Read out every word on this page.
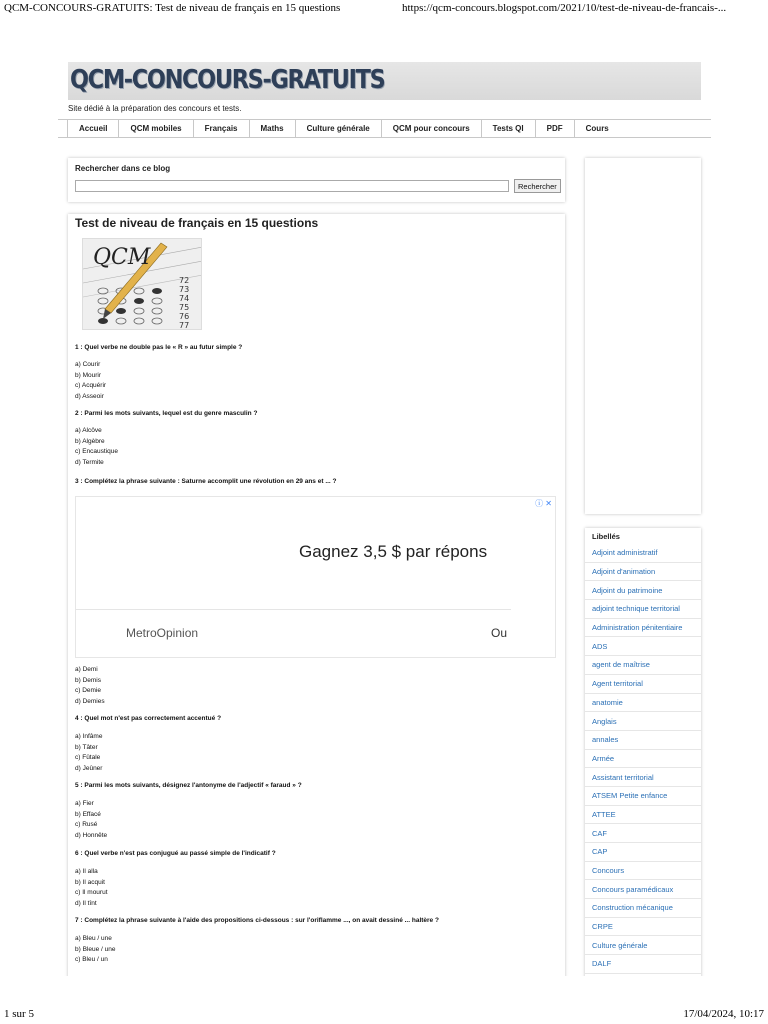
QCM-CONCOURS-GRATUITS: Test de niveau de français en 15 questions	https://qcm-concours.blogspot.com/2021/10/test-de-niveau-de-francais-...
QCM-CONCOURS-GRATUITS
Site dédié à la préparation des concours et tests.
Accueil	QCM mobiles	Français	Maths	Culture générale	QCM pour concours	Tests QI	PDF	Cours
Rechercher dans ce blog
Rechercher
Test de niveau de français en 15 questions
72
73
74
75
76
77
QCM
1 : Quel verbe ne double pas le « R » au futur simple ?
a) Courir
b) Mourir
c) Acquérir
d) Asseoir
2 : Parmi les mots suivants, lequel est du genre masculin ?
a) Alcôve
b) Algèbre
c) Encaustique
d) Termite
3 : Complétez la phrase suivante : Saturne accomplit une révolution en 29 ans et ... ?
Gagnez 3,5 $ par répons
MetroOpinion	Ou
ⓘ ✕
a) Demi
b) Demis
c) Demie
d) Demies
4 : Quel mot n'est pas correctement accentué ?
a) Infâme
b) Tâter
c) Fûtale
d) Jeûner
5 : Parmi les mots suivants, désignez l'antonyme de l'adjectif « faraud » ?
a) Fier
b) Effacé
c) Rusé
d) Honnête
6 : Quel verbe n'est pas conjugué au passé simple de l'indicatif ?
a) Il alla
b) Il acquit
c) Il mourut
d) Il tînt
7 : Complétez la phrase suivante à l'aide des propositions ci-dessous : sur l'oriflamme ..., on avait dessiné ... haltère ?
a) Bleu / une
b) Bleue / une
c) Bleu / un
Libellés
Adjoint administratif
Adjoint d'animation
Adjoint du patrimoine
adjoint technique territorial
Administration pénitentiaire
ADS
agent de maîtrise
Agent territorial
anatomie
Anglais
annales
Armée
Assistant territorial
ATSEM Petite enfance
ATTEE
CAF
CAP
Concours
Concours paramédicaux
Construction mécanique
CRPE
Culture générale
DALF
1 sur 5	17/04/2024, 10:17
